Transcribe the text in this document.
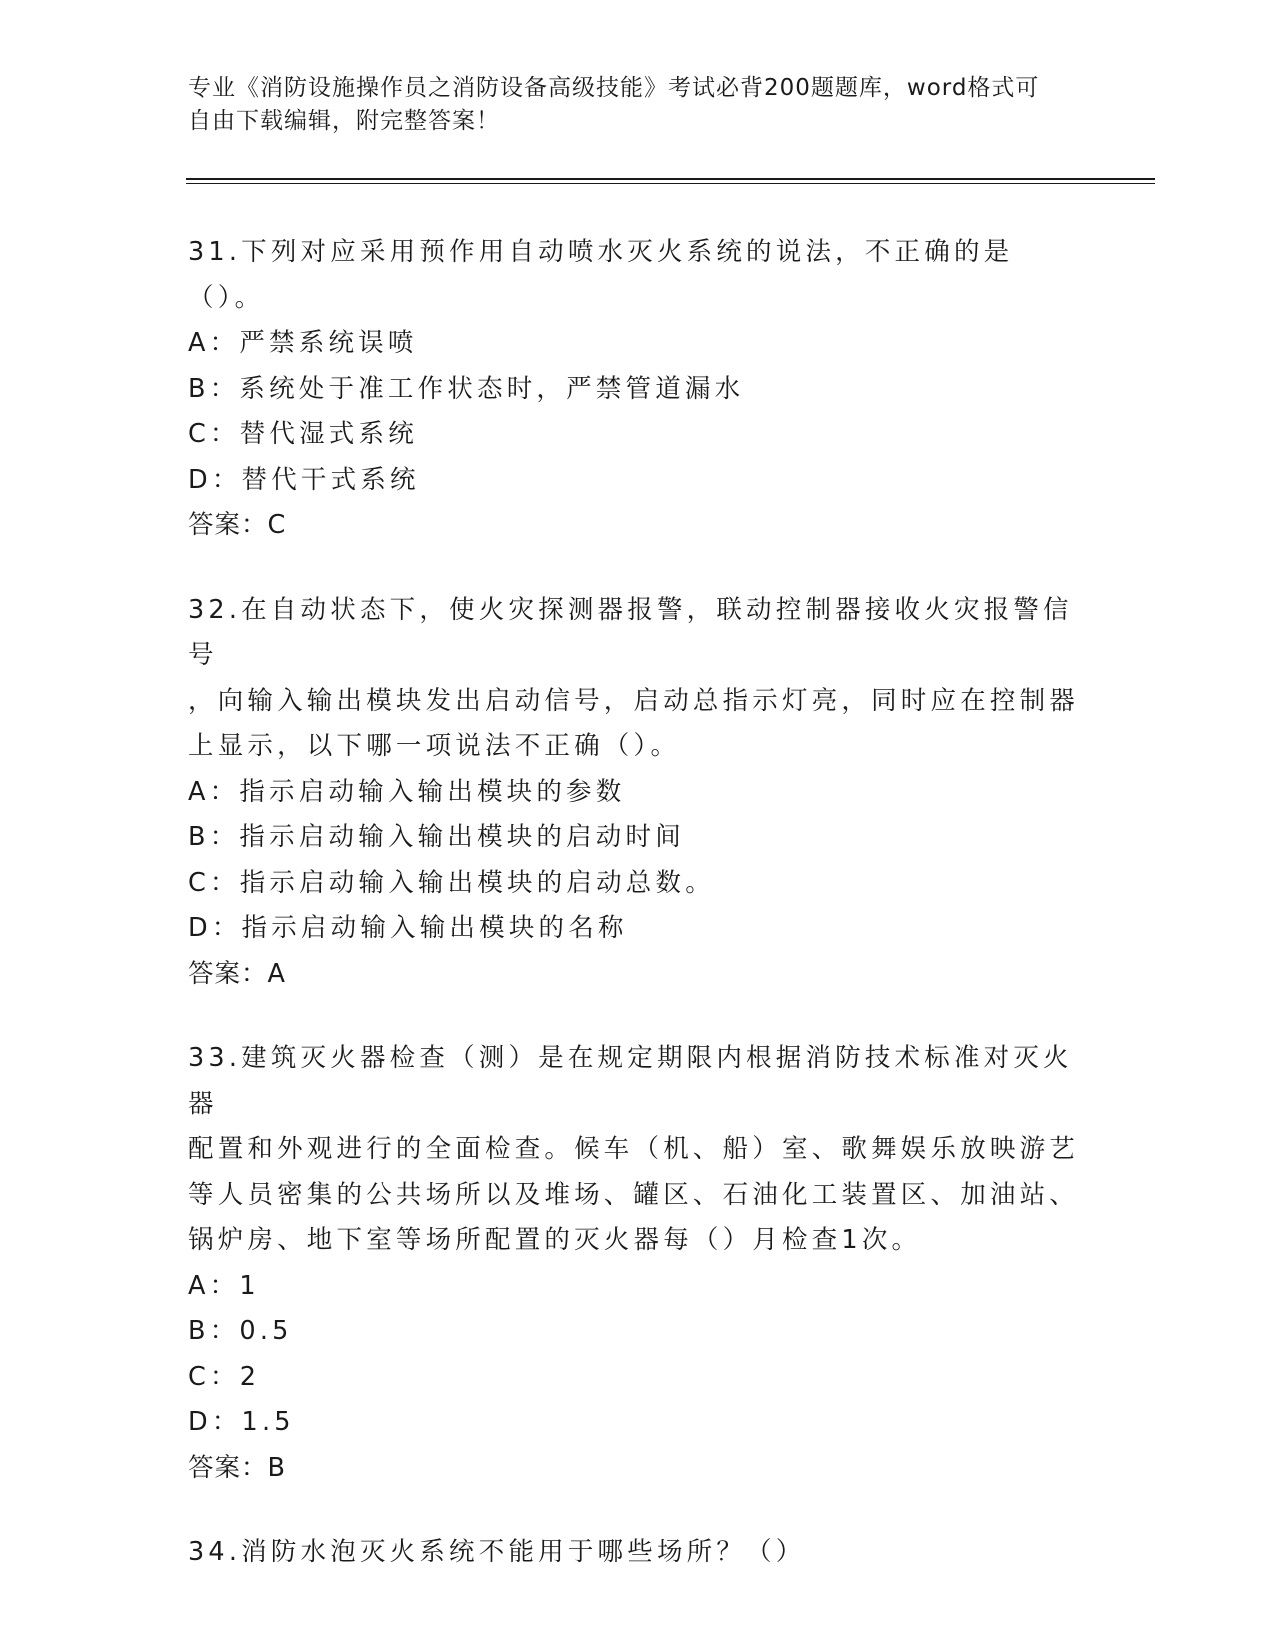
专业《消防设施操作员之消防设备高级技能》考试必背200题题库，word格式可
自由下载编辑，附完整答案！

31.下列对应采用预作用自动喷水灭火系统的说法，不正确的是（）。

A：严禁系统误喷

B：系统处于准工作状态时，严禁管道漏水

C：替代湿式系统

D：替代干式系统

答案：C

32.在自动状态下，使火灾探测器报警，联动控制器接收火灾报警信号

，向输入输出模块发出启动信号，启动总指示灯亮，同时应在控制器

上显示，以下哪一项说法不正确（）。

A：指示启动输入输出模块的参数

B：指示启动输入输出模块的启动时间

C：指示启动输入输出模块的启动总数。

D：指示启动输入输出模块的名称

答案：A

33.建筑灭火器检查（测）是在规定期限内根据消防技术标准对灭火器

配置和外观进行的全面检查。候车（机、船）室、歌舞娱乐放映游艺

等人员密集的公共场所以及堆场、罐区、石油化工装置区、加油站、

锅炉房、地下室等场所配置的灭火器每（）月检查1次。

A：1

B：0.5

C：2

D：1.5

答案：B

34.消防水泡灭火系统不能用于哪些场所？（）
